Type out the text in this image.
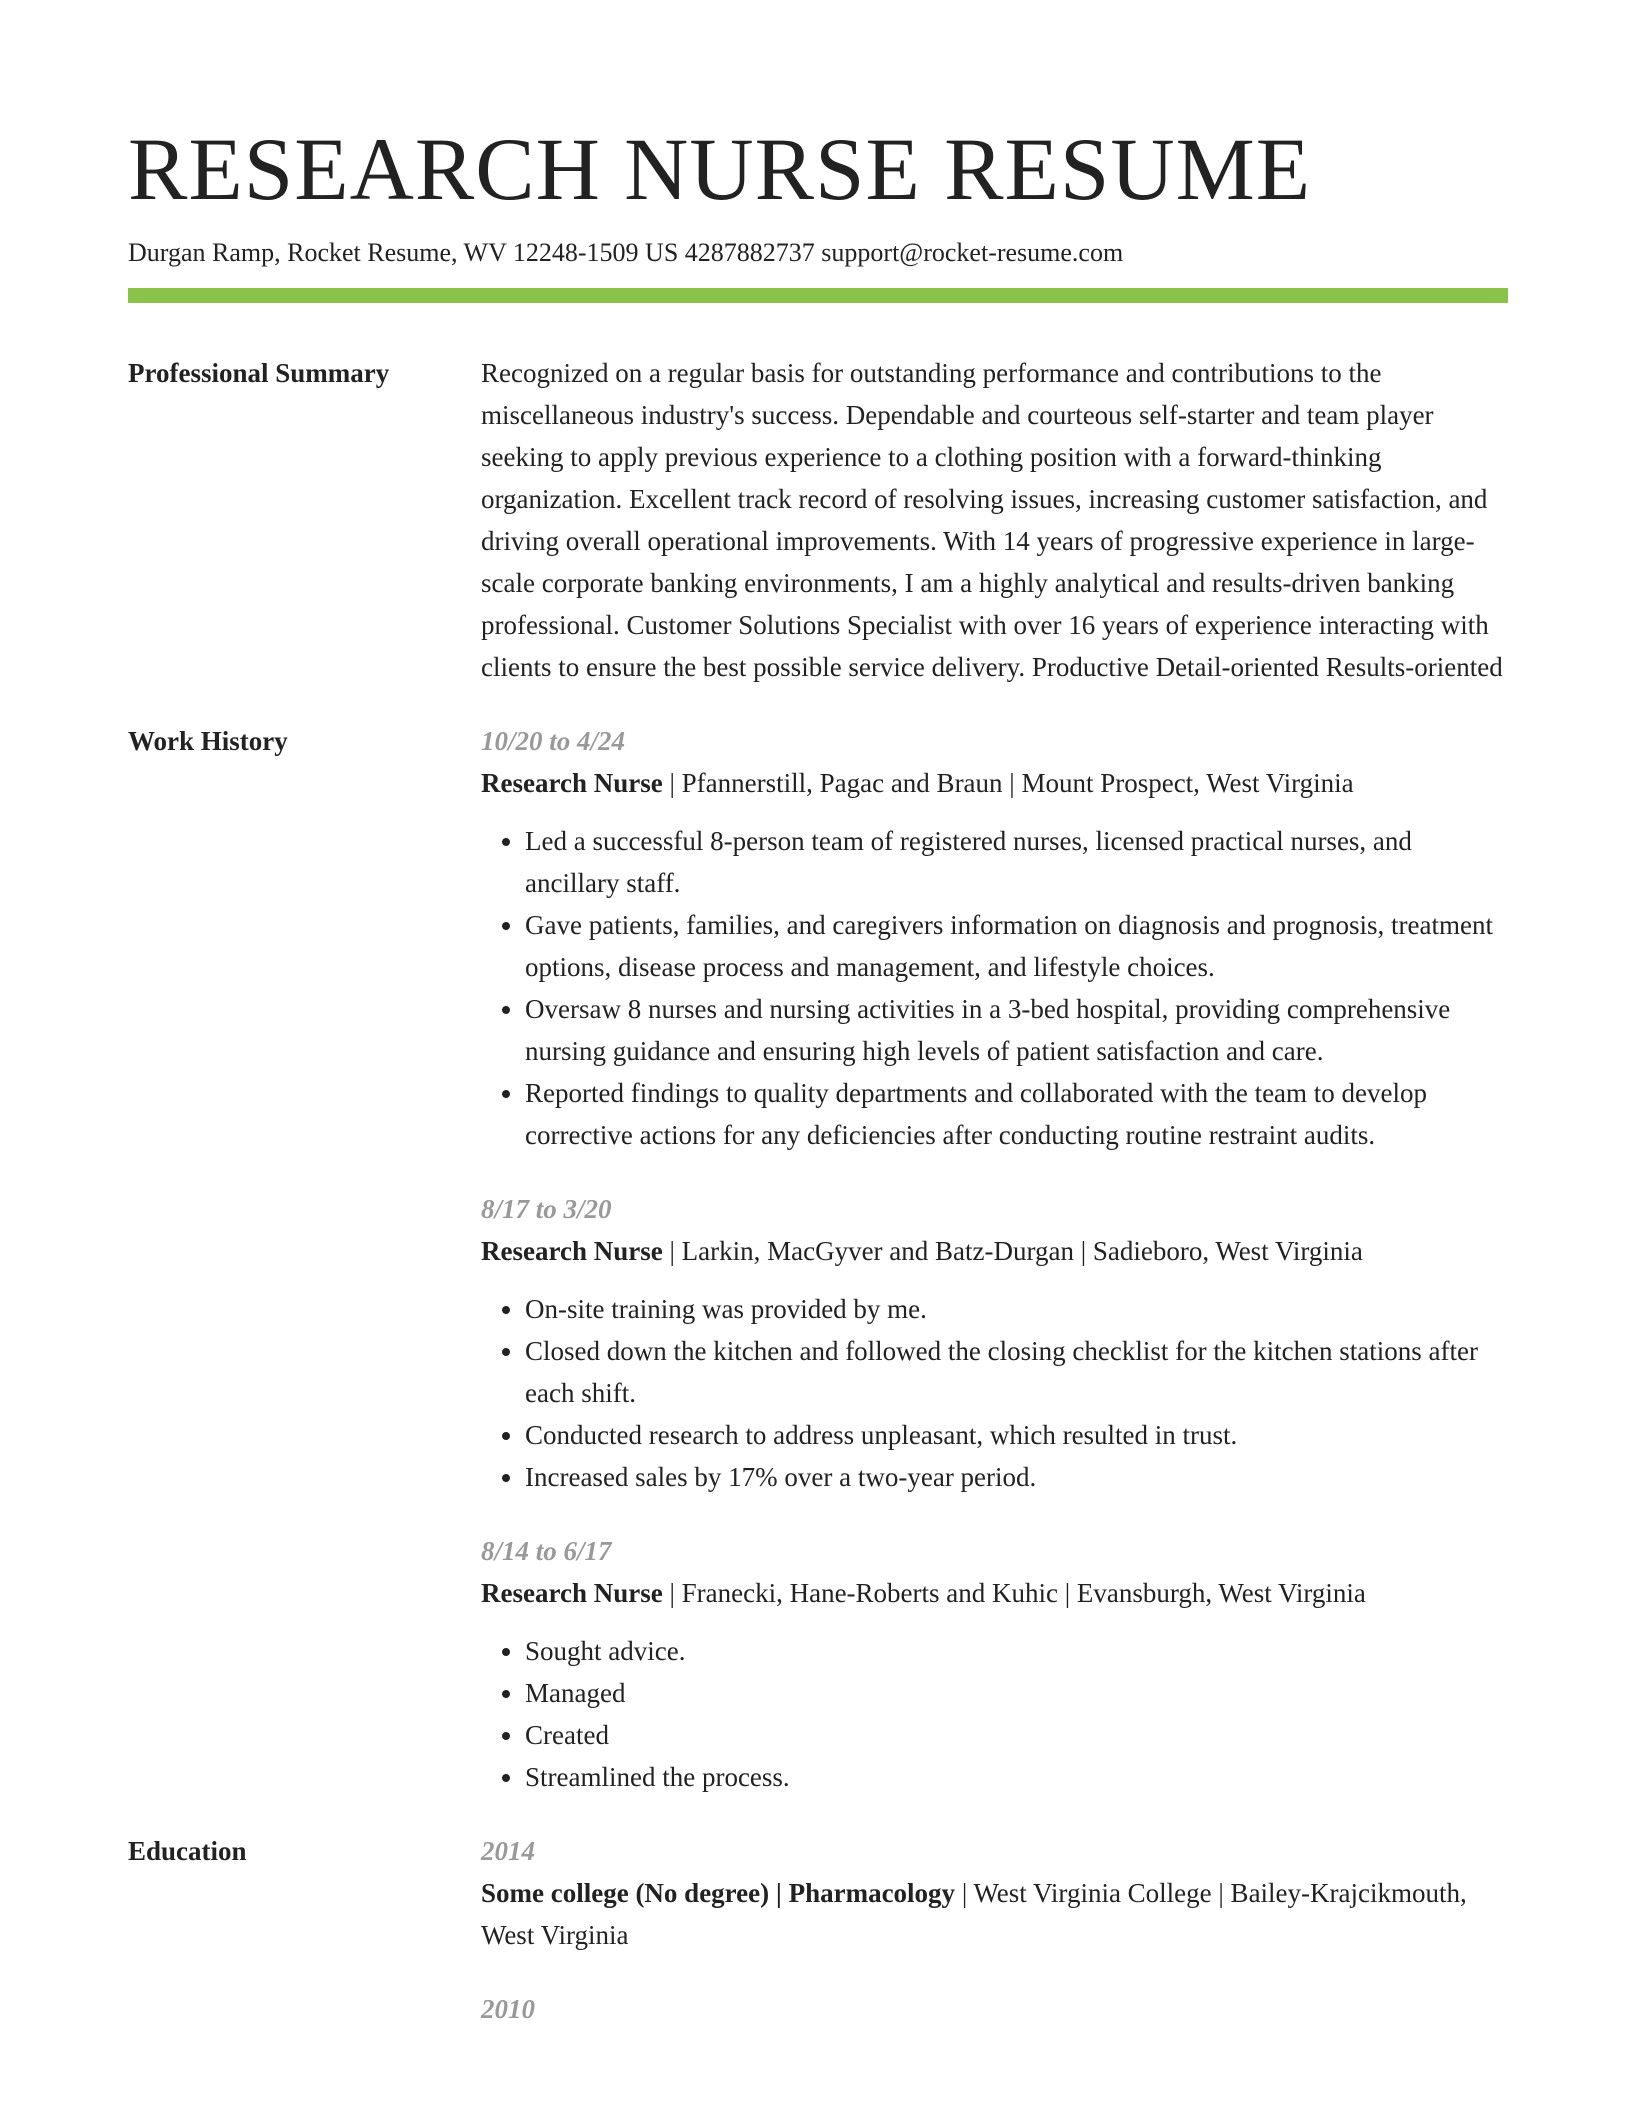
RESEARCH NURSE RESUME
Durgan Ramp, Rocket Resume, WV 12248-1509 US 4287882737 support@rocket-resume.com
Professional Summary	Recognized on a regular basis for outstanding performance and contributions to the miscellaneous industry's success. Dependable and courteous self-starter and team player seeking to apply previous experience to a clothing position with a forward-thinking organization. Excellent track record of resolving issues, increasing customer satisfaction, and driving overall operational improvements. With 14 years of progressive experience in large-scale corporate banking environments, I am a highly analytical and results-driven banking professional. Customer Solutions Specialist with over 16 years of experience interacting with clients to ensure the best possible service delivery. Productive Detail-oriented Results-oriented

Work History	10/20 to 4/24
Research Nurse | Pfannerstill, Pagac and Braun | Mount Prospect, West Virginia
• Led a successful 8-person team of registered nurses, licensed practical nurses, and ancillary staff.
• Gave patients, families, and caregivers information on diagnosis and prognosis, treatment options, disease process and management, and lifestyle choices.
• Oversaw 8 nurses and nursing activities in a 3-bed hospital, providing comprehensive nursing guidance and ensuring high levels of patient satisfaction and care.
• Reported findings to quality departments and collaborated with the team to develop corrective actions for any deficiencies after conducting routine restraint audits.
8/17 to 3/20
Research Nurse | Larkin, MacGyver and Batz-Durgan | Sadieboro, West Virginia
• On-site training was provided by me.
• Closed down the kitchen and followed the closing checklist for the kitchen stations after each shift.
• Conducted research to address unpleasant, which resulted in trust.
• Increased sales by 17% over a two-year period.
8/14 to 6/17
Research Nurse | Franecki, Hane-Roberts and Kuhic | Evansburgh, West Virginia
• Sought advice.
• Managed
• Created
• Streamlined the process.
Education	2014
Some college (No degree) | Pharmacology | West Virginia College | Bailey-Krajcikmouth, West Virginia
2010
